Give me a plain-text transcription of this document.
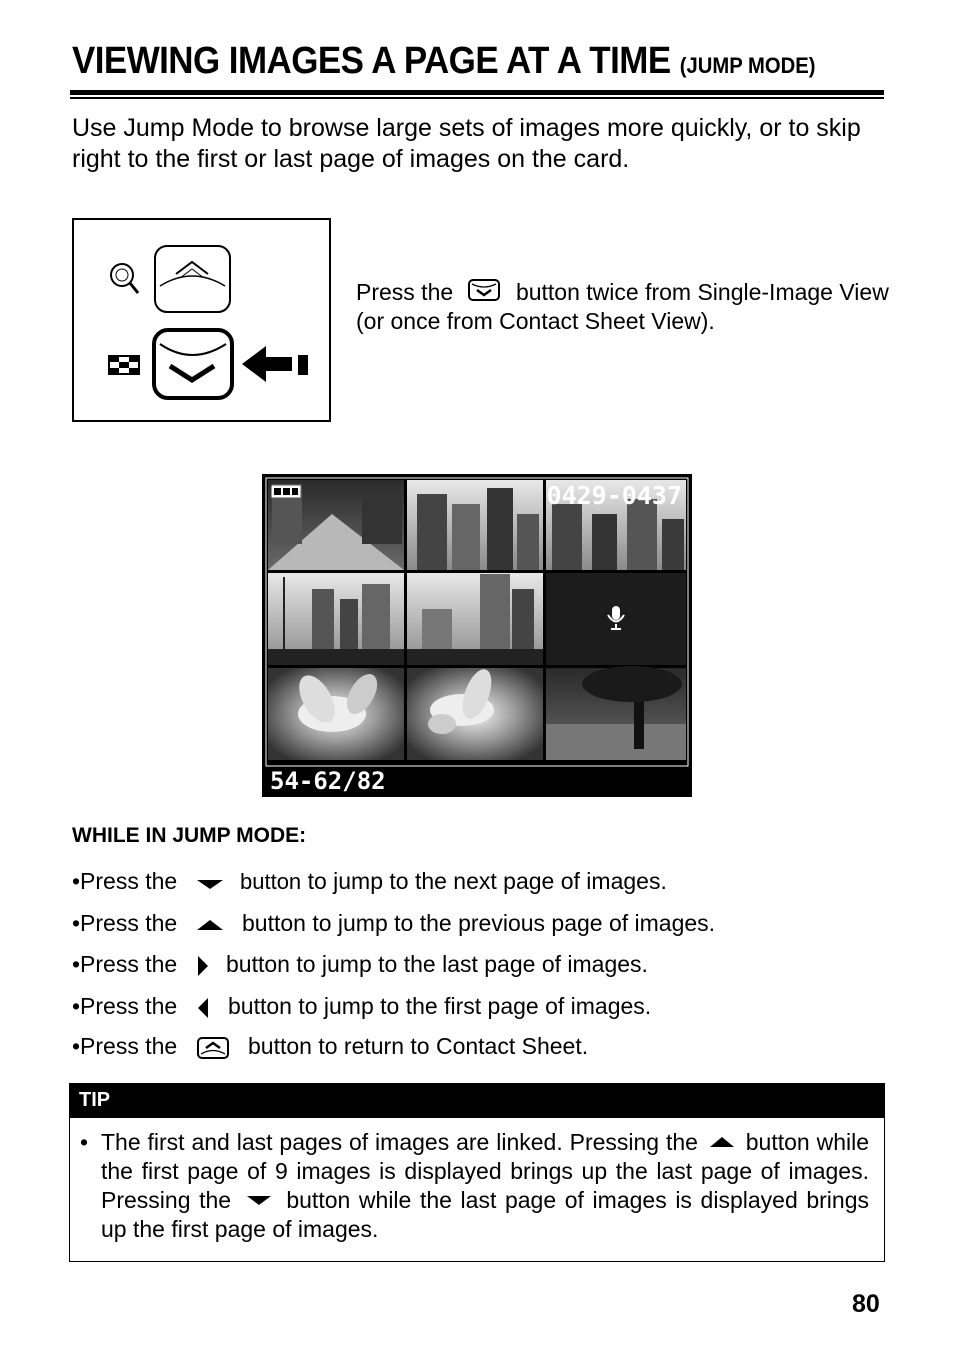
VIEWING IMAGES A PAGE AT A TIME (JUMP MODE)
Use Jump Mode to browse large sets of images more quickly, or to skip right to the first or last page of images on the card.
Press the	button twice from Single-Image View (or once from Contact Sheet View).
0429-0437
54-62/82
WHILE IN JUMP MODE:
•Press the	button to jump to the next page of images.
•Press the	button to jump to the previous page of images.
•Press the button to jump to the last page of images.
•Press the button to jump to the first page of images.
•Press the	button to return to Contact Sheet.
TIP
• The first and last pages of images are linked. Pressing the button while the first page of 9 images is displayed brings up the last page of images. Pressing the button while the last page of images is displayed brings up the first page of images.
80
